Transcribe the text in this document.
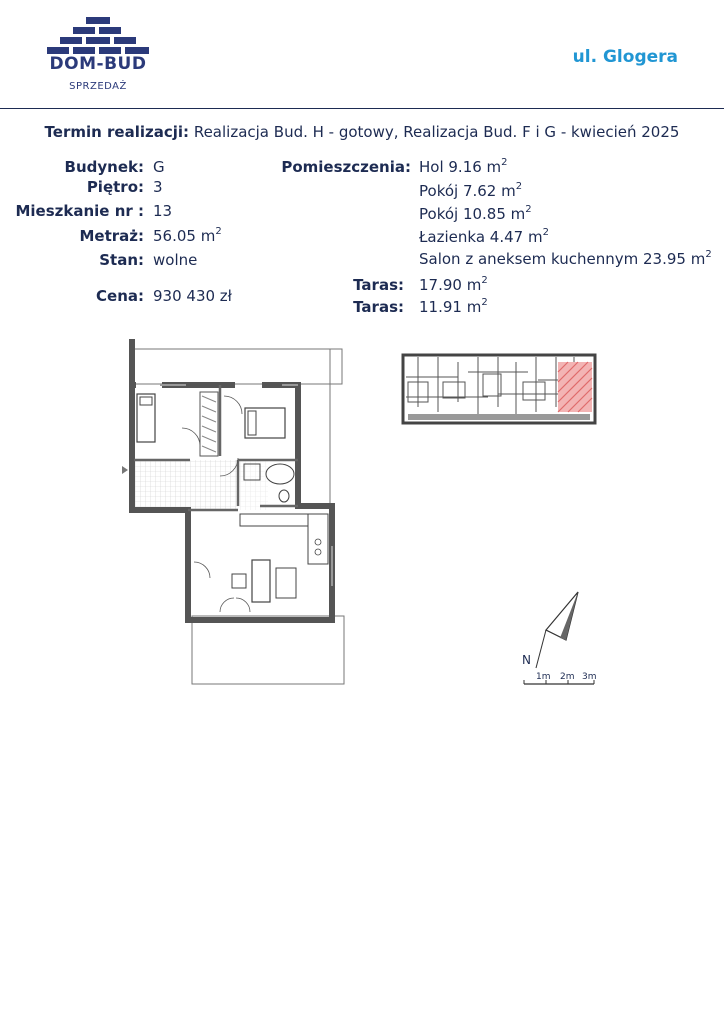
DOM-BUD
SPRZEDAŻ
ul. Glogera
Termin realizacji: Realizacja Bud. H - gotowy, Realizacja Bud. F i G - kwiecień 2025
Budynek: G
Piętro: 3
Mieszkanie nr : 13
Metraż: 56.05 $m^2$
Stan: wolne
Cena: 930 430 zł
Pomieszczenia: Hol 9.16 $m^2$
Pokój 7.62 $m^2$
Pokój 10.85 $m^2$
Łazienka 4.47 $m^2$
Salon z aneksem kuchennym 23.95 $m^2$
Taras: 17.90 $m^2$
Taras: 11.91 $m^2$
N
1m 2m 3m
